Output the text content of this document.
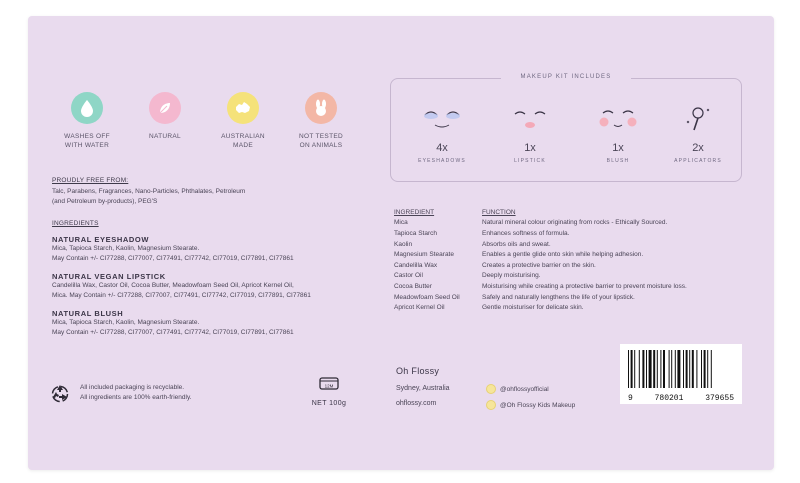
WASHES OFF
WITH WATER
NATURAL	AUSTRALIAN
MADE
NOT TESTED
ON ANIMALS
PROUDLY FREE FROM:
Talc, Parabens, Fragrances, Nano-Particles, Phthalates, Petroleum
(and Petroleum by-products), PEG'S
INGREDIENTS
NATURAL EYESHADOW
Mica, Tapioca Starch, Kaolin, Magnesium Stearate.
May Contain +/- CI77288, CI77007, CI77491, CI77742, CI77019, CI77891, CI77861
NATURAL VEGAN LIPSTICK
Candelilla Wax, Castor Oil, Cocoa Butter, Meadowfoam Seed Oil, Apricot Kernel Oil,
Mica. May Contain +/- CI77288, CI77007, CI77491, CI77742, CI77019, CI77891, CI77861
NATURAL BLUSH
Mica, Tapioca Starch, Kaolin, Magnesium Stearate.
May Contain +/- CI77288, CI77007, CI77491, CI77742, CI77019, CI77891, CI77861
All included packaging is recyclable.
All ingredients are 100% earth-friendly.
12M
NET 100g
MAKEUP KIT INCLUDES
4x
EYESHADOWS
1x
LIPSTICK
1x
BLUSH
2x
APPLICATORS
INGREDIENT	FUNCTION
Mica	Natural mineral colour originating from rocks - Ethically Sourced.
Tapioca Starch	Enhances softness of formula.
Kaolin	Absorbs oils and sweat.
Magnesium Stearate	Enables a gentle glide onto skin while helping adhesion.
Candelilla Wax	Creates a protective barrier on the skin.
Castor Oil	Deeply moisturising.
Cocoa Butter	Moisturising while creating a protective barrier to prevent moisture loss.
Meadowfoam Seed Oil	Safely and naturally lengthens the life of your lipstick.
Apricot Kernel Oil	Gentle moisturiser for delicate skin.
Oh Flossy
Sydney, Australia
ohflossy.com
@ohflossyofficial
@Oh Flossy Kids Makeup
9	780201	379655
